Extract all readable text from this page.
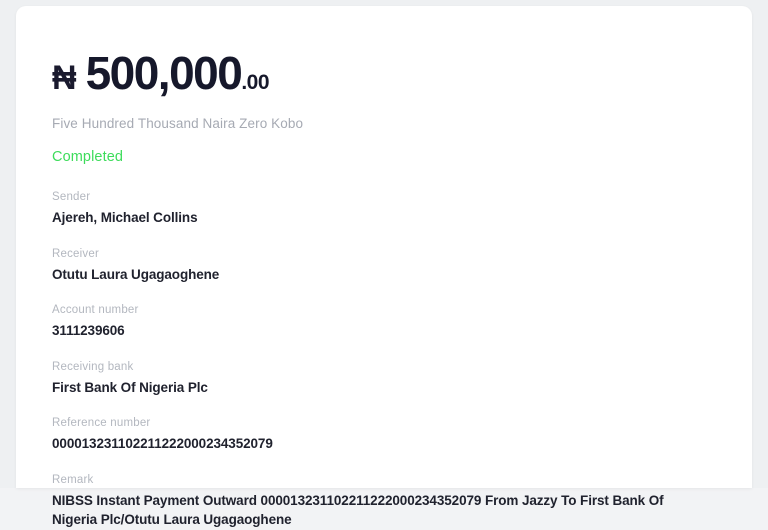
₦ 500,000 .00
Five Hundred Thousand Naira Zero Kobo
Completed
Sender
Ajereh, Michael Collins
Receiver
Otutu Laura Ugagaoghene
Account number
3111239606
Receiving bank
First Bank Of Nigeria Plc
Reference number
000013231102211222000234352079
Remark
NIBSS Instant Payment Outward 000013231102211222000234352079 From Jazzy To First Bank Of Nigeria Plc/Otutu Laura Ugagaoghene
